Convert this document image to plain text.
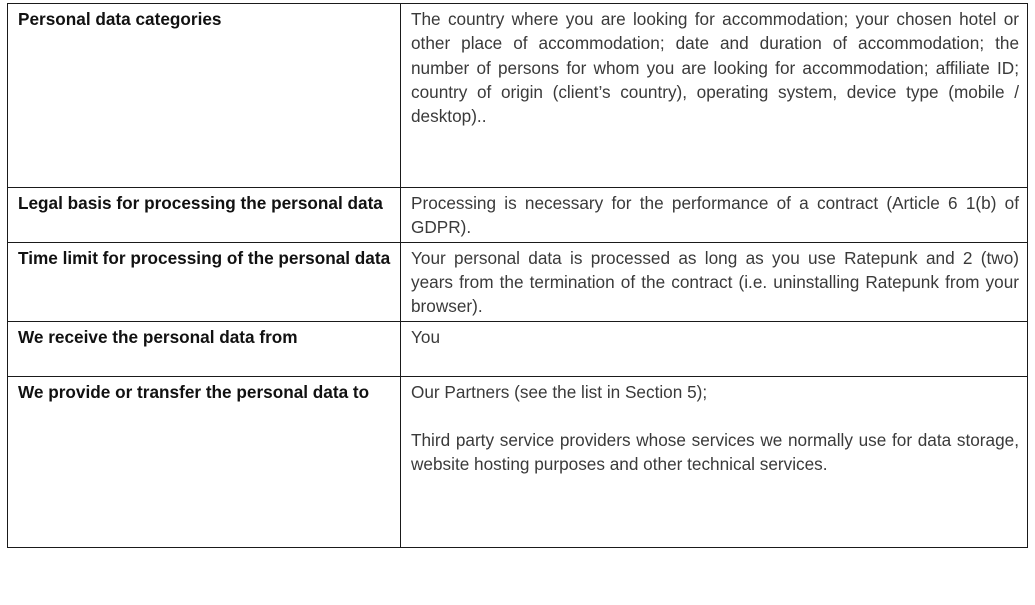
Personal data categories	The country where you are looking for accommodation; your chosen hotel or other place of accommodation; date and duration of accommodation; the number of persons for whom you are looking for accommodation; affiliate ID; country of origin (client’s country), operating system, device type (mobile / desktop)..
Legal basis for processing the personal data	Processing is necessary for the performance of a contract (Article 6 1(b) of GDPR).
Time limit for processing of the personal data	Your personal data is processed as long as you use Ratepunk and 2 (two) years from the termination of the contract (i.e. uninstalling Ratepunk from your browser).
We receive the personal data from	You
We provide or transfer the personal data to	Our Partners (see the list in Section 5);

Third party service providers whose services we normally use for data storage, website hosting purposes and other technical services.
